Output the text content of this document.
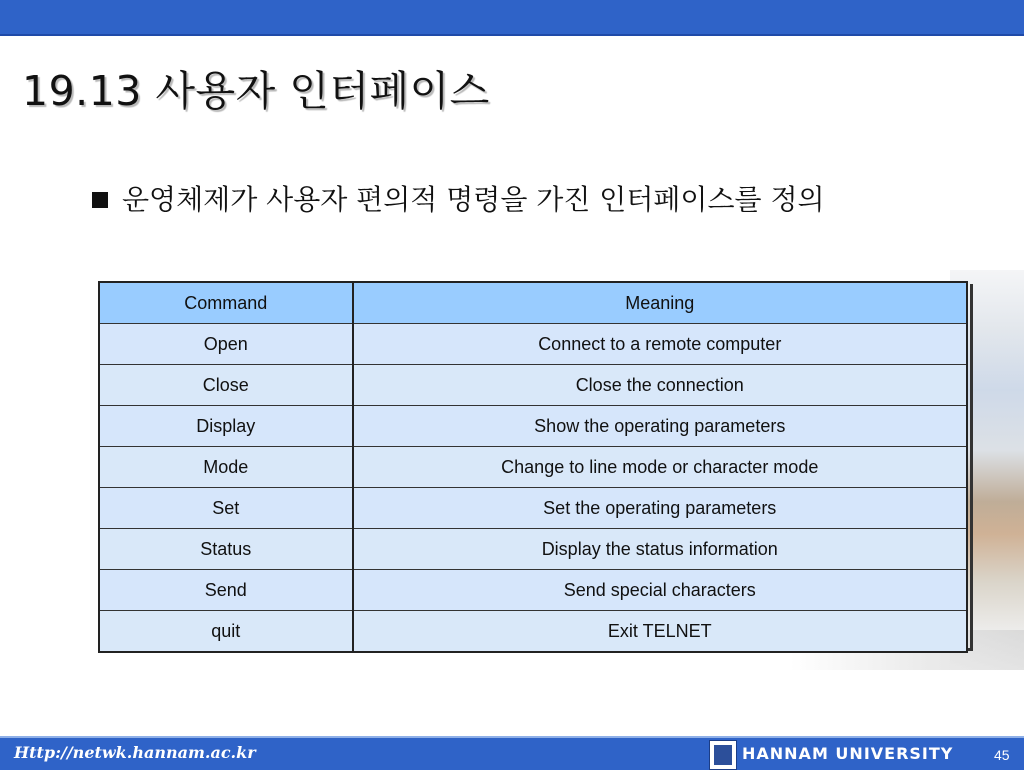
19.13 사용자 인터페이스
운영체제가 사용자 편의적 명령을 가진 인터페이스를 정의
Command	Meaning
Open	Connect to a remote computer
Close	Close the connection
Display	Show the operating parameters
Mode	Change to line mode or character mode
Set	Set the operating parameters
Status	Display the status information
Send	Send special characters
quit	Exit TELNET
Http://netwk.hannam.ac.kr	HANNAM UNIVERSITY	45
